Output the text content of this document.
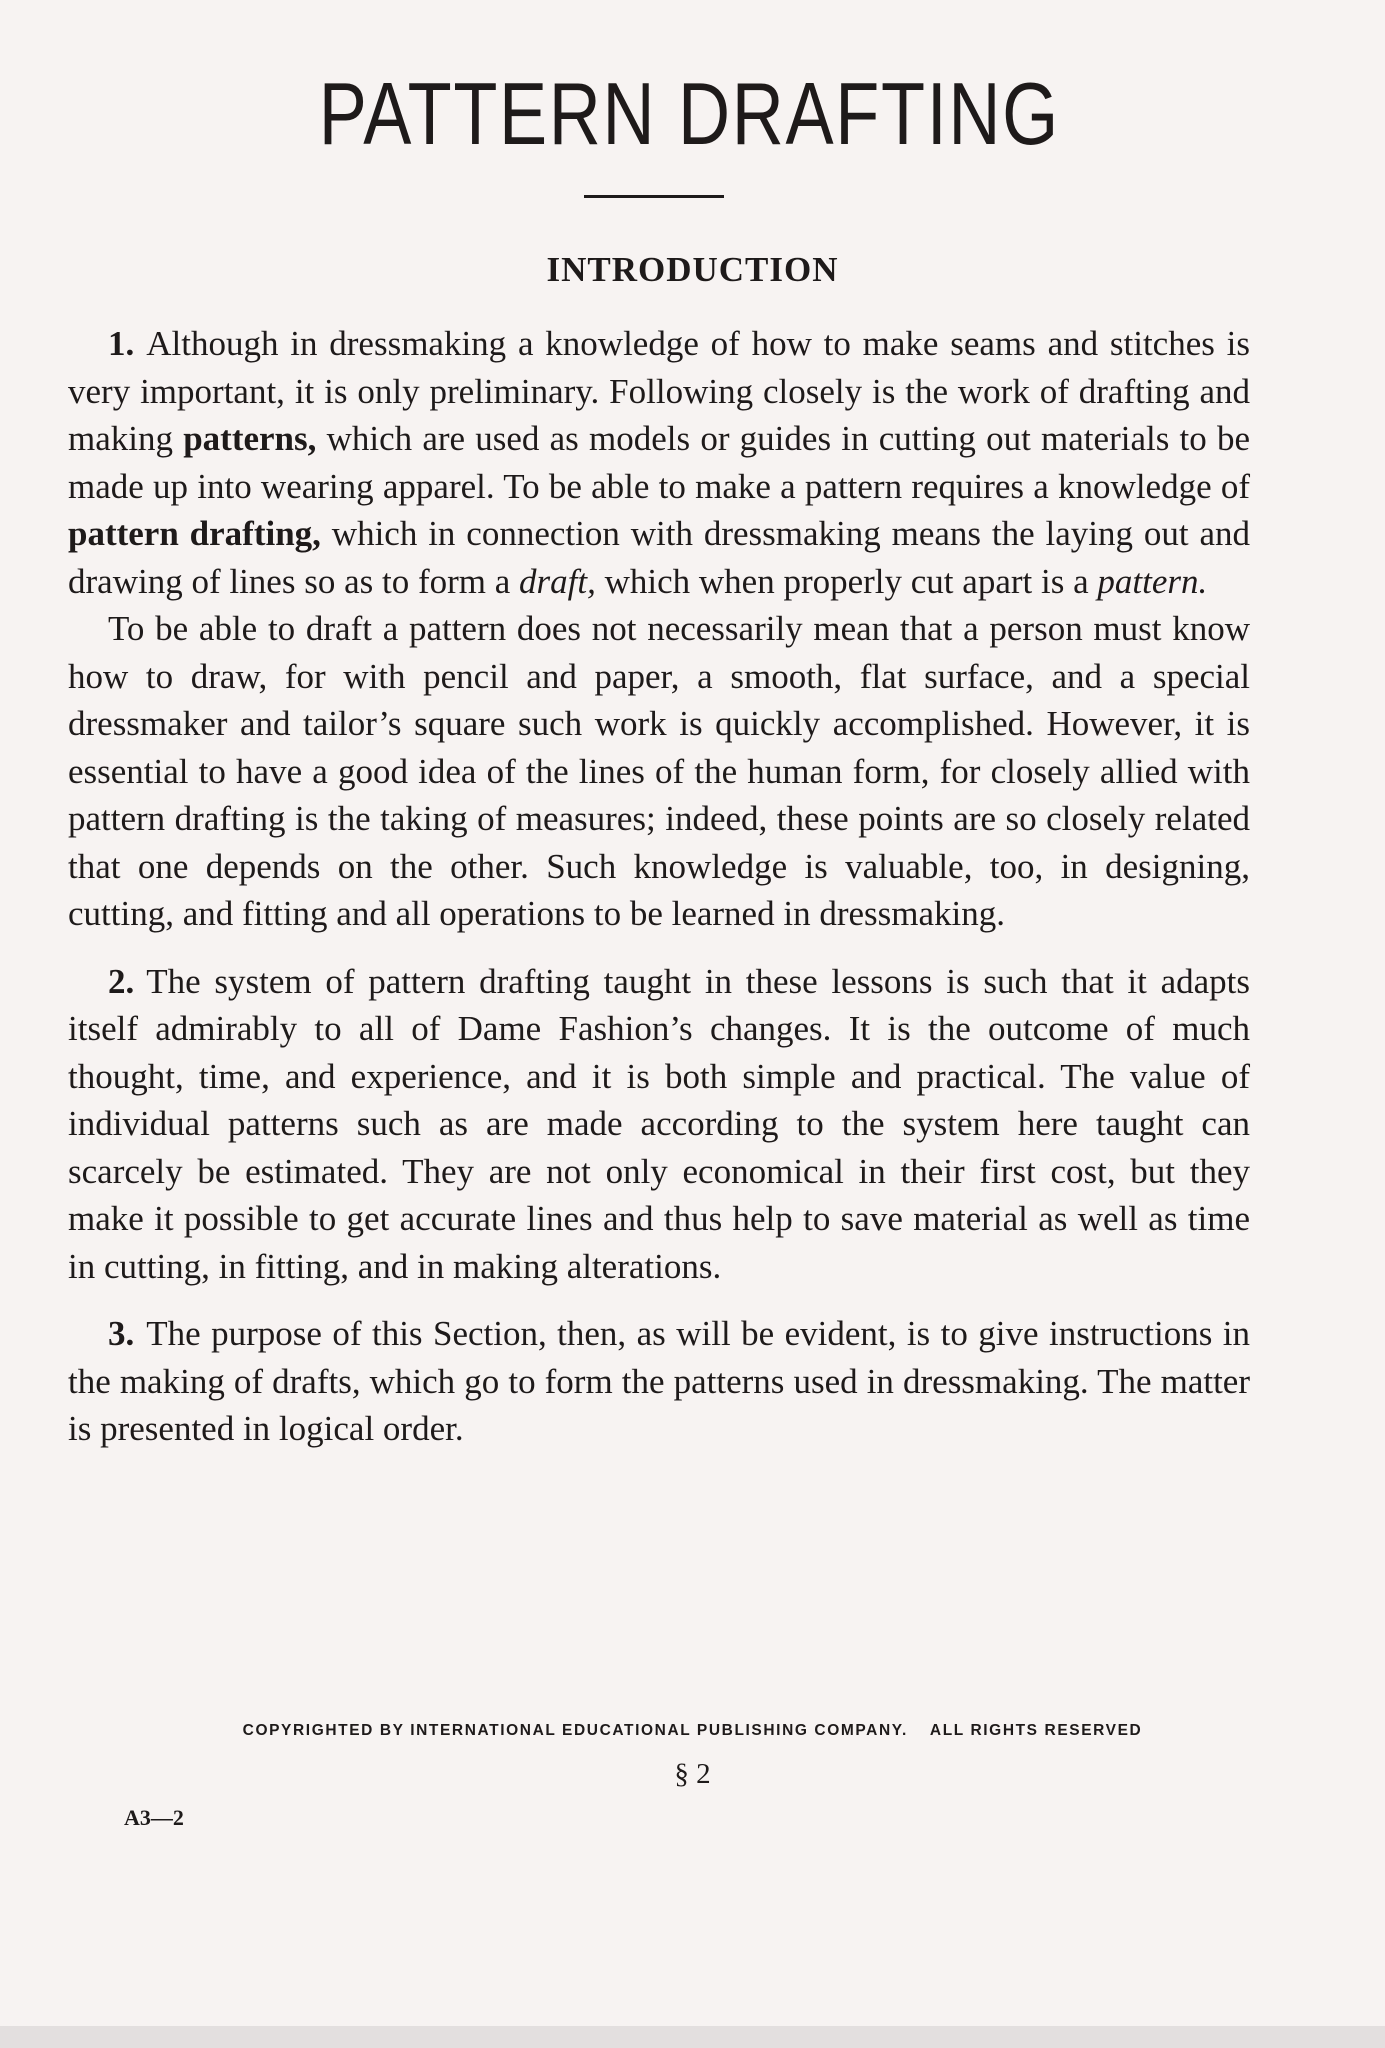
PATTERN DRAFTING
INTRODUCTION

1. Although in dressmaking a knowledge of how to make seams and stitches is very important, it is only preliminary. Following closely is the work of drafting and making patterns, which are used as models or guides in cutting out materials to be made up into wearing apparel. To be able to make a pattern requires a knowledge of pattern drafting, which in connection with dressmaking means the laying out and drawing of lines so as to form a draft, which when properly cut apart is a pattern.

To be able to draft a pattern does not necessarily mean that a person must know how to draw, for with pencil and paper, a smooth, flat surface, and a special dressmaker and tailor’s square such work is quickly accomplished. However, it is essential to have a good idea of the lines of the human form, for closely allied with pattern drafting is the taking of measures; indeed, these points are so closely related that one depends on the other. Such knowledge is valuable, too, in designing, cutting, and fitting and all operations to be learned in dressmaking.

2. The system of pattern drafting taught in these lessons is such that it adapts itself admirably to all of Dame Fashion’s changes. It is the outcome of much thought, time, and experience, and it is both simple and practical. The value of individual patterns such as are made according to the system here taught can scarcely be estimated. They are not only economical in their first cost, but they make it possible to get accurate lines and thus help to save material as well as time in cutting, in fitting, and in making alterations.

3. The purpose of this Section, then, as will be evident, is to give instructions in the making of drafts, which go to form the patterns used in dressmaking. The matter is presented in logical order.

COPYRIGHTED BY INTERNATIONAL EDUCATIONAL PUBLISHING COMPANY. ALL RIGHTS RESERVED
§ 2
A3—2
